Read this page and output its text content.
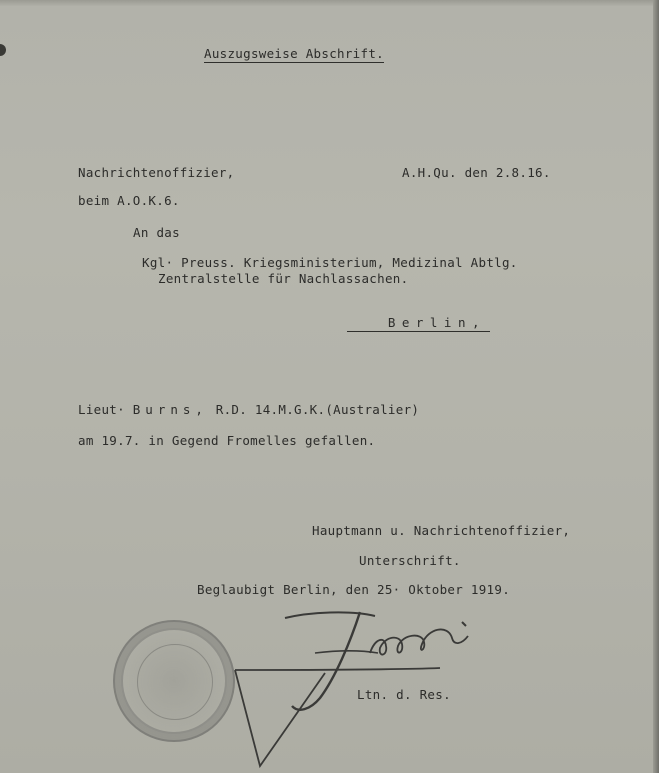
Auszugsweise Abschrift.
Nachrichtenoffizier,	A.H.Qu. den 2.8.16.
beim A.O.K.6.
An das
Kgl· Preuss. Kriegsministerium, Medizinal Abtlg.
Zentralstelle für Nachlassachen.
Berlin,
Lieut· Burns, R.D. 14.M.G.K.(Australier)
am 19.7. in Gegend Fromelles gefallen.
Hauptmann u. Nachrichtenoffizier,
Unterschrift.
Beglaubigt Berlin, den 25· Oktober 1919.
Ltn. d. Res.
